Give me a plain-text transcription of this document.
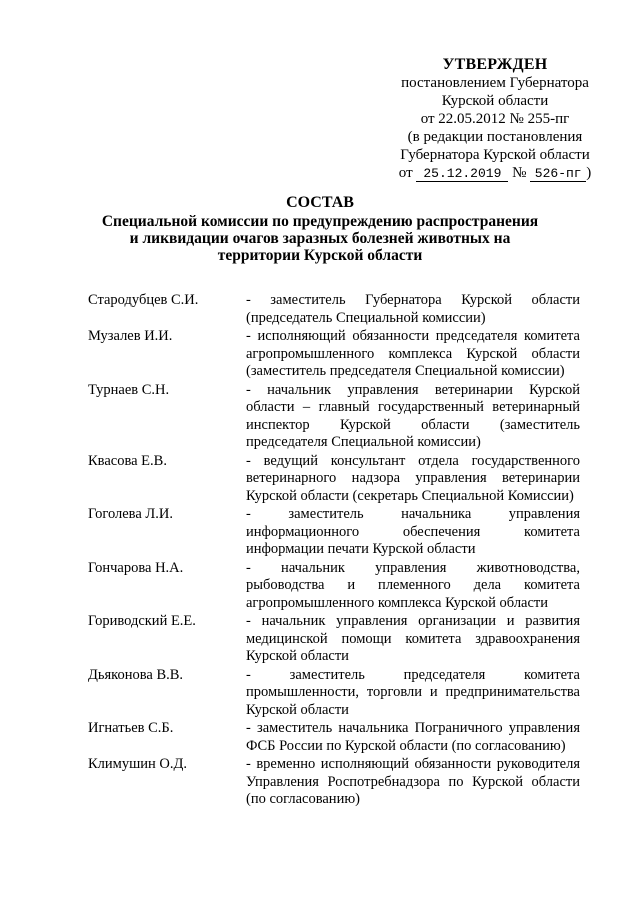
УТВЕРЖДЕН
постановлением Губернатора
Курской области
от 22.05.2012 № 255-пг
(в редакции постановления
Губернатора Курской области
от 25.12.2019 № 526-пг )
СОСТАВ
Специальной комиссии по предупреждению распространения и ликвидации очагов заразных болезней животных на территории Курской области
Стародубцев С.И.	- заместитель Губернатора Курской области (председатель Специальной комиссии)
Музалев И.И.	- исполняющий обязанности председателя комитета агропромышленного комплекса Курской области (заместитель председателя Специальной комиссии)
Турнаев С.Н.	- начальник управления ветеринарии Курской области – главный государственный ветеринарный инспектор Курской области (заместитель председателя Специальной комиссии)
Квасова Е.В.	- ведущий консультант отдела государственного ветеринарного надзора управления ветеринарии Курской области (секретарь Специальной Комиссии)
Гоголева Л.И.	- заместитель начальника управления информационного обеспечения комитета информации печати Курской области
Гончарова Н.А.	- начальник управления животноводства, рыбоводства и племенного дела комитета агропромышленного комплекса Курской области
Гориводский Е.Е.	- начальник управления организации и развития медицинской помощи комитета здравоохранения Курской области
Дьяконова В.В.	- заместитель председателя комитета промышленности, торговли и предпринимательства Курской области
Игнатьев С.Б.	- заместитель начальника Пограничного управления ФСБ России по Курской области (по согласованию)
Климушин О.Д.	- временно исполняющий обязанности руководителя Управления Роспотребнадзора по Курской области (по согласованию)
